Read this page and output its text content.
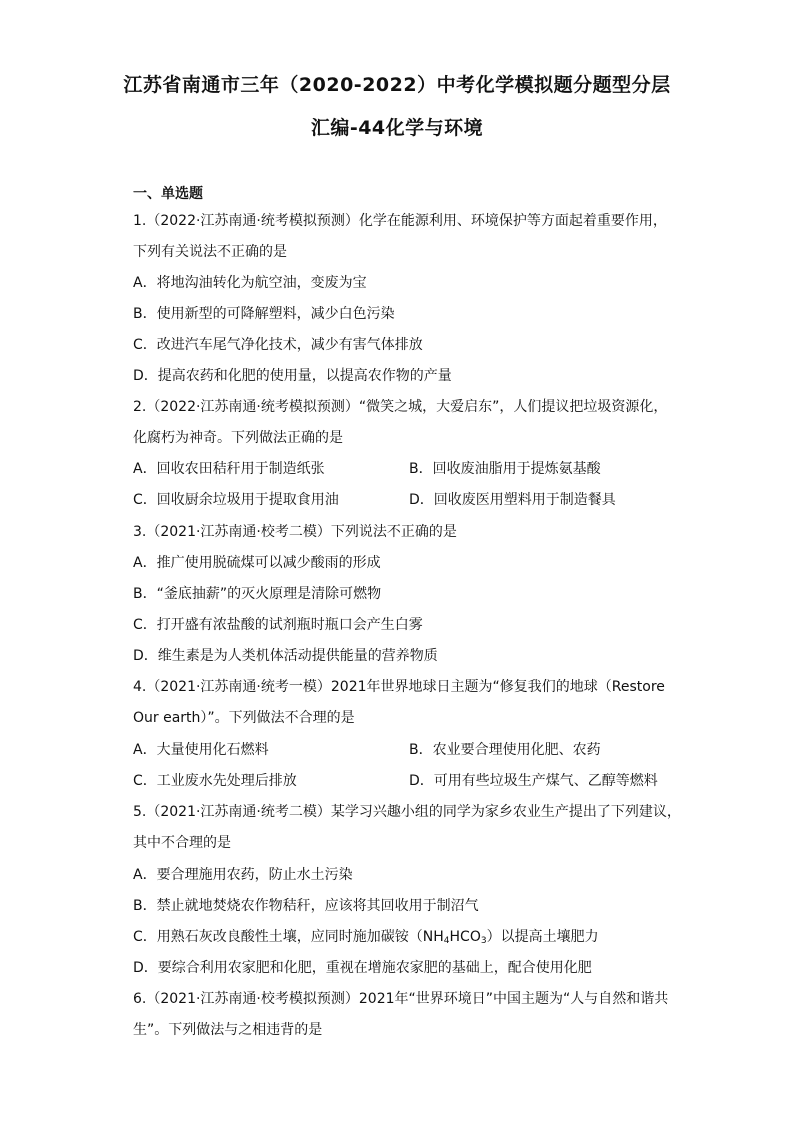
江苏省南通市三年（2020-2022）中考化学模拟题分题型分层
汇编-44化学与环境
一、单选题
1.（2022·江苏南通·统考模拟预测）化学在能源利用、环境保护等方面起着重要作用，
下列有关说法不正确的是
A．将地沟油转化为航空油，变废为宝
B．使用新型的可降解塑料，减少白色污染
C．改进汽车尾气净化技术，减少有害气体排放
D．提高农药和化肥的使用量，以提高农作物的产量
2.（2022·江苏南通·统考模拟预测）“微笑之城，大爱启东”，人们提议把垃圾资源化，
化腐朽为神奇。下列做法正确的是
A．回收农田秸秆用于制造纸张	B．回收废油脂用于提炼氨基酸
C．回收厨余垃圾用于提取食用油	D．回收废医用塑料用于制造餐具
3.（2021·江苏南通·校考二模）下列说法不正确的是
A．推广使用脱硫煤可以减少酸雨的形成
B．“釜底抽薪”的灭火原理是清除可燃物
C．打开盛有浓盐酸的试剂瓶时瓶口会产生白雾
D．维生素是为人类机体活动提供能量的营养物质
4.（2021·江苏南通·统考一模）2021年世界地球日主题为“修复我们的地球（Restore
Our earth）”。下列做法不合理的是
A．大量使用化石燃料	B．农业要合理使用化肥、农药
C．工业废水先处理后排放	D．可用有些垃圾生产煤气、乙醇等燃料
5.（2021·江苏南通·统考二模）某学习兴趣小组的同学为家乡农业生产提出了下列建议，
其中不合理的是
A．要合理施用农药，防止水土污染
B．禁止就地焚烧农作物秸秆，应该将其回收用于制沼气
C．用熟石灰改良酸性土壤，应同时施加碳铵$(NH_4HCO_3)$以提高土壤肥力
D．要综合利用农家肥和化肥，重视在增施农家肥的基础上，配合使用化肥
6.（2021·江苏南通·校考模拟预测）2021年“世界环境日”中国主题为“人与自然和谐共
生”。下列做法与之相违背的是
